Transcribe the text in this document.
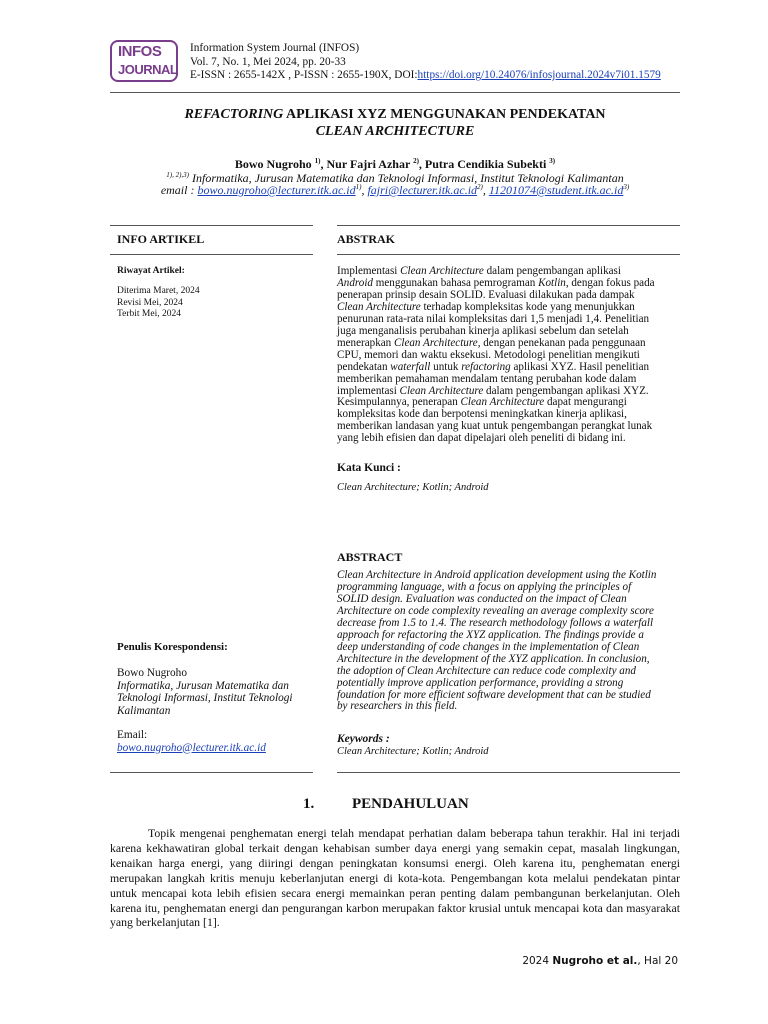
INFOS
JOURNAL
Information System Journal (INFOS)
Vol. 7, No. 1, Mei 2024, pp. 20-33
E-ISSN : 2655-142X , P-ISSN : 2655-190X, DOI:https://doi.org/10.24076/infosjournal.2024v7i01.1579
REFACTORING APLIKASI XYZ MENGGUNAKAN PENDEKATAN
CLEAN ARCHITECTURE
Bowo Nugroho $^{1)}$, Nur Fajri Azhar $^{2)}$, Putra Cendikia Subekti $^{3)}$
$^{1), 2),3)}$ Informatika, Jurusan Matematika dan Teknologi Informasi, Institut Teknologi Kalimantan
email : $bowo.nugroho@lecturer.itk.ac.id^{1)}$, $fajri@lecturer.itk.ac.id^{2)}$, $11201074@student.itk.ac.id^{3)}$
INFO ARTIKEL	ABSTRAK
Riwayat Artikel:
Diterima Maret, 2024
Revisi Mei, 2024
Terbit Mei, 2024
Implementasi Clean Architecture dalam pengembangan aplikasi
Android menggunakan bahasa pemrograman Kotlin, dengan fokus pada
penerapan prinsip desain SOLID. Evaluasi dilakukan pada dampak
Clean Architecture terhadap kompleksitas kode yang menunjukkan
penurunan rata-rata nilai kompleksitas dari 1,5 menjadi 1,4. Penelitian
juga menganalisis perubahan kinerja aplikasi sebelum dan setelah
menerapkan Clean Architecture, dengan penekanan pada penggunaan
CPU, memori dan waktu eksekusi. Metodologi penelitian mengikuti
pendekatan waterfall untuk refactoring aplikasi XYZ. Hasil penelitian
memberikan pemahaman mendalam tentang perubahan kode dalam
implementasi Clean Architecture dalam pengembangan aplikasi XYZ.
Kesimpulannya, penerapan Clean Architecture dapat mengurangi
kompleksitas kode dan berpotensi meningkatkan kinerja aplikasi,
memberikan landasan yang kuat untuk pengembangan perangkat lunak
yang lebih efisien dan dapat dipelajari oleh peneliti di bidang ini.
Kata Kunci :
Clean Architecture; Kotlin; Android
ABSTRACT
Clean Architecture in Android application development using the Kotlin
programming language, with a focus on applying the principles of
SOLID design. Evaluation was conducted on the impact of Clean
Architecture on code complexity revealing an average complexity score
decrease from 1.5 to 1.4. The research methodology follows a waterfall
approach for refactoring the XYZ application. The findings provide a
deep understanding of code changes in the implementation of Clean
Architecture in the development of the XYZ application. In conclusion,
the adoption of Clean Architecture can reduce code complexity and
potentially improve application performance, providing a strong
foundation for more efficient software development that can be studied
by researchers in this field.
Keywords :
Clean Architecture; Kotlin; Android
Penulis Korespondensi:
Bowo Nugroho
Informatika, Jurusan Matematika dan
Teknologi Informasi, Institut Teknologi
Kalimantan
Email:
bowo.nugroho@lecturer.itk.ac.id
1.	PENDAHULUAN
Topik mengenai penghematan energi telah mendapat perhatian dalam beberapa tahun terakhir. Hal ini terjadi karena kekhawatiran global terkait dengan kehabisan sumber daya energi yang semakin cepat, masalah lingkungan, kenaikan harga energi, yang diiringi dengan peningkatan konsumsi energi. Oleh karena itu, penghematan energi merupakan langkah kritis menuju keberlanjutan energi di kota-kota. Pengembangan kota melalui pendekatan pintar untuk mencapai kota lebih efisien secara energi memainkan peran penting dalam pembangunan berkelanjutan. Oleh karena itu, penghematan energi dan pengurangan karbon merupakan faktor krusial untuk mencapai kota dan masyarakat yang berkelanjutan [1].
2024 Nugroho et al., Hal 20
